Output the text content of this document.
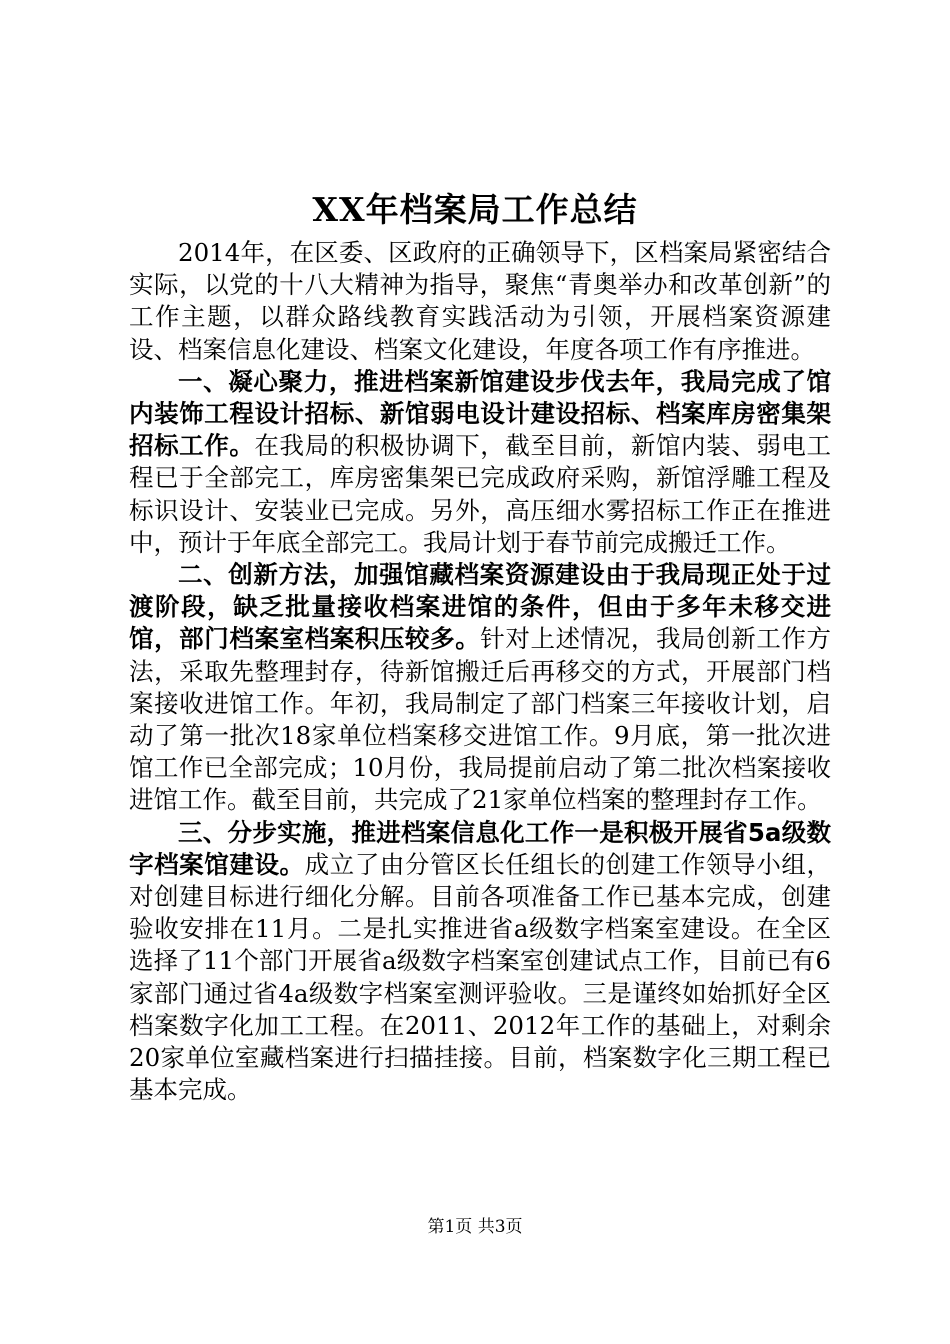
XX年档案局工作总结

2014年，在区委、区政府的正确领导下，区档案局紧密结合实际，以党的十八大精神为指导，聚焦“青奥举办和改革创新”的工作主题，以群众路线教育实践活动为引领，开展档案资源建设、档案信息化建设、档案文化建设，年度各项工作有序推进。

一、凝心聚力，推进档案新馆建设步伐去年，我局完成了馆内装饰工程设计招标、新馆弱电设计建设招标、档案库房密集架招标工作。在我局的积极协调下，截至目前，新馆内装、弱电工程已于全部完工，库房密集架已完成政府采购，新馆浮雕工程及标识设计、安装业已完成。另外，高压细水雾招标工作正在推进中，预计于年底全部完工。我局计划于春节前完成搬迁工作。

二、创新方法，加强馆藏档案资源建设由于我局现正处于过渡阶段，缺乏批量接收档案进馆的条件，但由于多年未移交进馆，部门档案室档案积压较多。针对上述情况，我局创新工作方法，采取先整理封存，待新馆搬迁后再移交的方式，开展部门档案接收进馆工作。年初，我局制定了部门档案三年接收计划，启动了第一批次18家单位档案移交进馆工作。9月底，第一批次进馆工作已全部完成；10月份，我局提前启动了第二批次档案接收进馆工作。截至目前，共完成了21家单位档案的整理封存工作。

三、分步实施，推进档案信息化工作一是积极开展省5a级数字档案馆建设。成立了由分管区长任组长的创建工作领导小组，对创建目标进行细化分解。目前各项准备工作已基本完成，创建验收安排在11月。二是扎实推进省a级数字档案室建设。在全区选择了11个部门开展省a级数字档案室创建试点工作，目前已有6家部门通过省4a级数字档案室测评验收。三是谨终如始抓好全区档案数字化加工工程。在2011、2012年工作的基础上，对剩余20家单位室藏档案进行扫描挂接。目前，档案数字化三期工程已基本完成。

第1页 共3页
